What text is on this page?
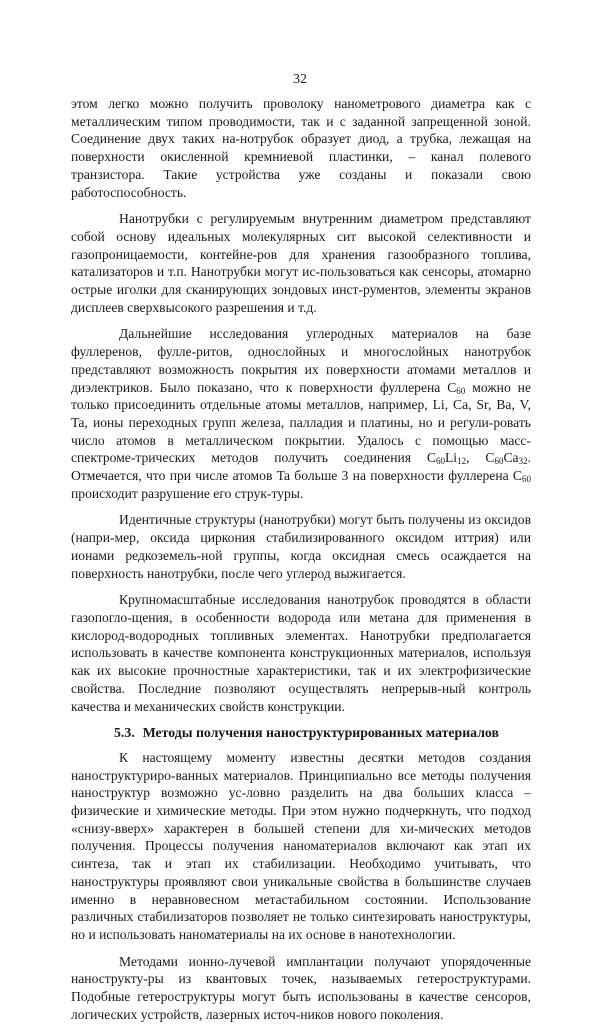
32

этом легко можно получить проволоку нанометрового диаметра как с металлическим типом проводимости, так и с заданной запрещенной зоной. Соединение двух таких на-нотрубок образует диод, а трубка, лежащая на поверхности окисленной кремниевой пластинки, – канал полевого транзистора. Такие устройства уже созданы и показали свою работоспособность.

Нанотрубки с регулируемым внутренним диаметром представляют собой основу идеальных молекулярных сит высокой селективности и газопроницаемости, контейне-ров для хранения газообразного топлива, катализаторов и т.п. Нанотрубки могут ис-пользоваться как сенсоры, атомарно острые иголки для сканирующих зондовых инст-рументов, элементы экранов дисплеев сверхвысокого разрешения и т.д.

Дальнейшие исследования углеродных материалов на базе фуллеренов, фулле-ритов, однослойных и многослойных нанотрубок представляют возможность покрытия их поверхности атомами металлов и диэлектриков. Было показано, что к поверхности фуллерена $C_{60}$ можно не только присоединить отдельные атомы металлов, например, Li, Ca, Sr, Ba, V, Ta, ионы переходных групп железа, палладия и платины, но и регули-ровать число атомов в металлическом покрытии. Удалось с помощью масс-спектроме-трических методов получить соединения $C_{60}Li_{12}$, $C_{60}Ca_{32}$. Отмечается, что при числе атомов Ta больше 3 на поверхности фуллерена $C_{60}$ происходит разрушение его струк-туры.

Идентичные структуры (нанотрубки) могут быть получены из оксидов (напри-мер, оксида циркония стабилизированного оксидом иттрия) или ионами редкоземель-ной группы, когда оксидная смесь осаждается на поверхность нанотрубки, после чего углерод выжигается.

Крупномасштабные исследования нанотрубок проводятся в области газопогло-щения, в особенности водорода или метана для применения в кислород-водородных топливных элементах. Нанотрубки предполагается использовать в качестве компонента конструкционных материалов, используя как их высокие прочностные характеристики, так и их электрофизические свойства. Последние позволяют осуществлять непрерыв-ный контроль качества и механических свойств конструкции.

5.3. Методы получения наноструктурированных материалов

К настоящему моменту известны десятки методов создания наноструктуриро-ванных материалов. Принципиально все методы получения наноструктур возможно ус-ловно разделить на два больших класса – физические и химические методы. При этом нужно подчеркнуть, что подход «снизу-вверх» характерен в большей степени для хи-мических методов получения. Процессы получения наноматериалов включают как этап их синтеза, так и этап их стабилизации. Необходимо учитывать, что наноструктуры проявляют свои уникальные свойства в большинстве случаев именно в неравновесном метастабильном состоянии. Использование различных стабилизаторов позволяет не только синтезировать наноструктуры, но и использовать наноматериалы на их основе в нанотехнологии.

Методами ионно-лучевой имплантации получают упорядоченные нанострукту-ры из квантовых точек, называемых гетероструктурами. Подобные гетероструктуры могут быть использованы в качестве сенсоров, логических устройств, лазерных источ-ников нового поколения.
